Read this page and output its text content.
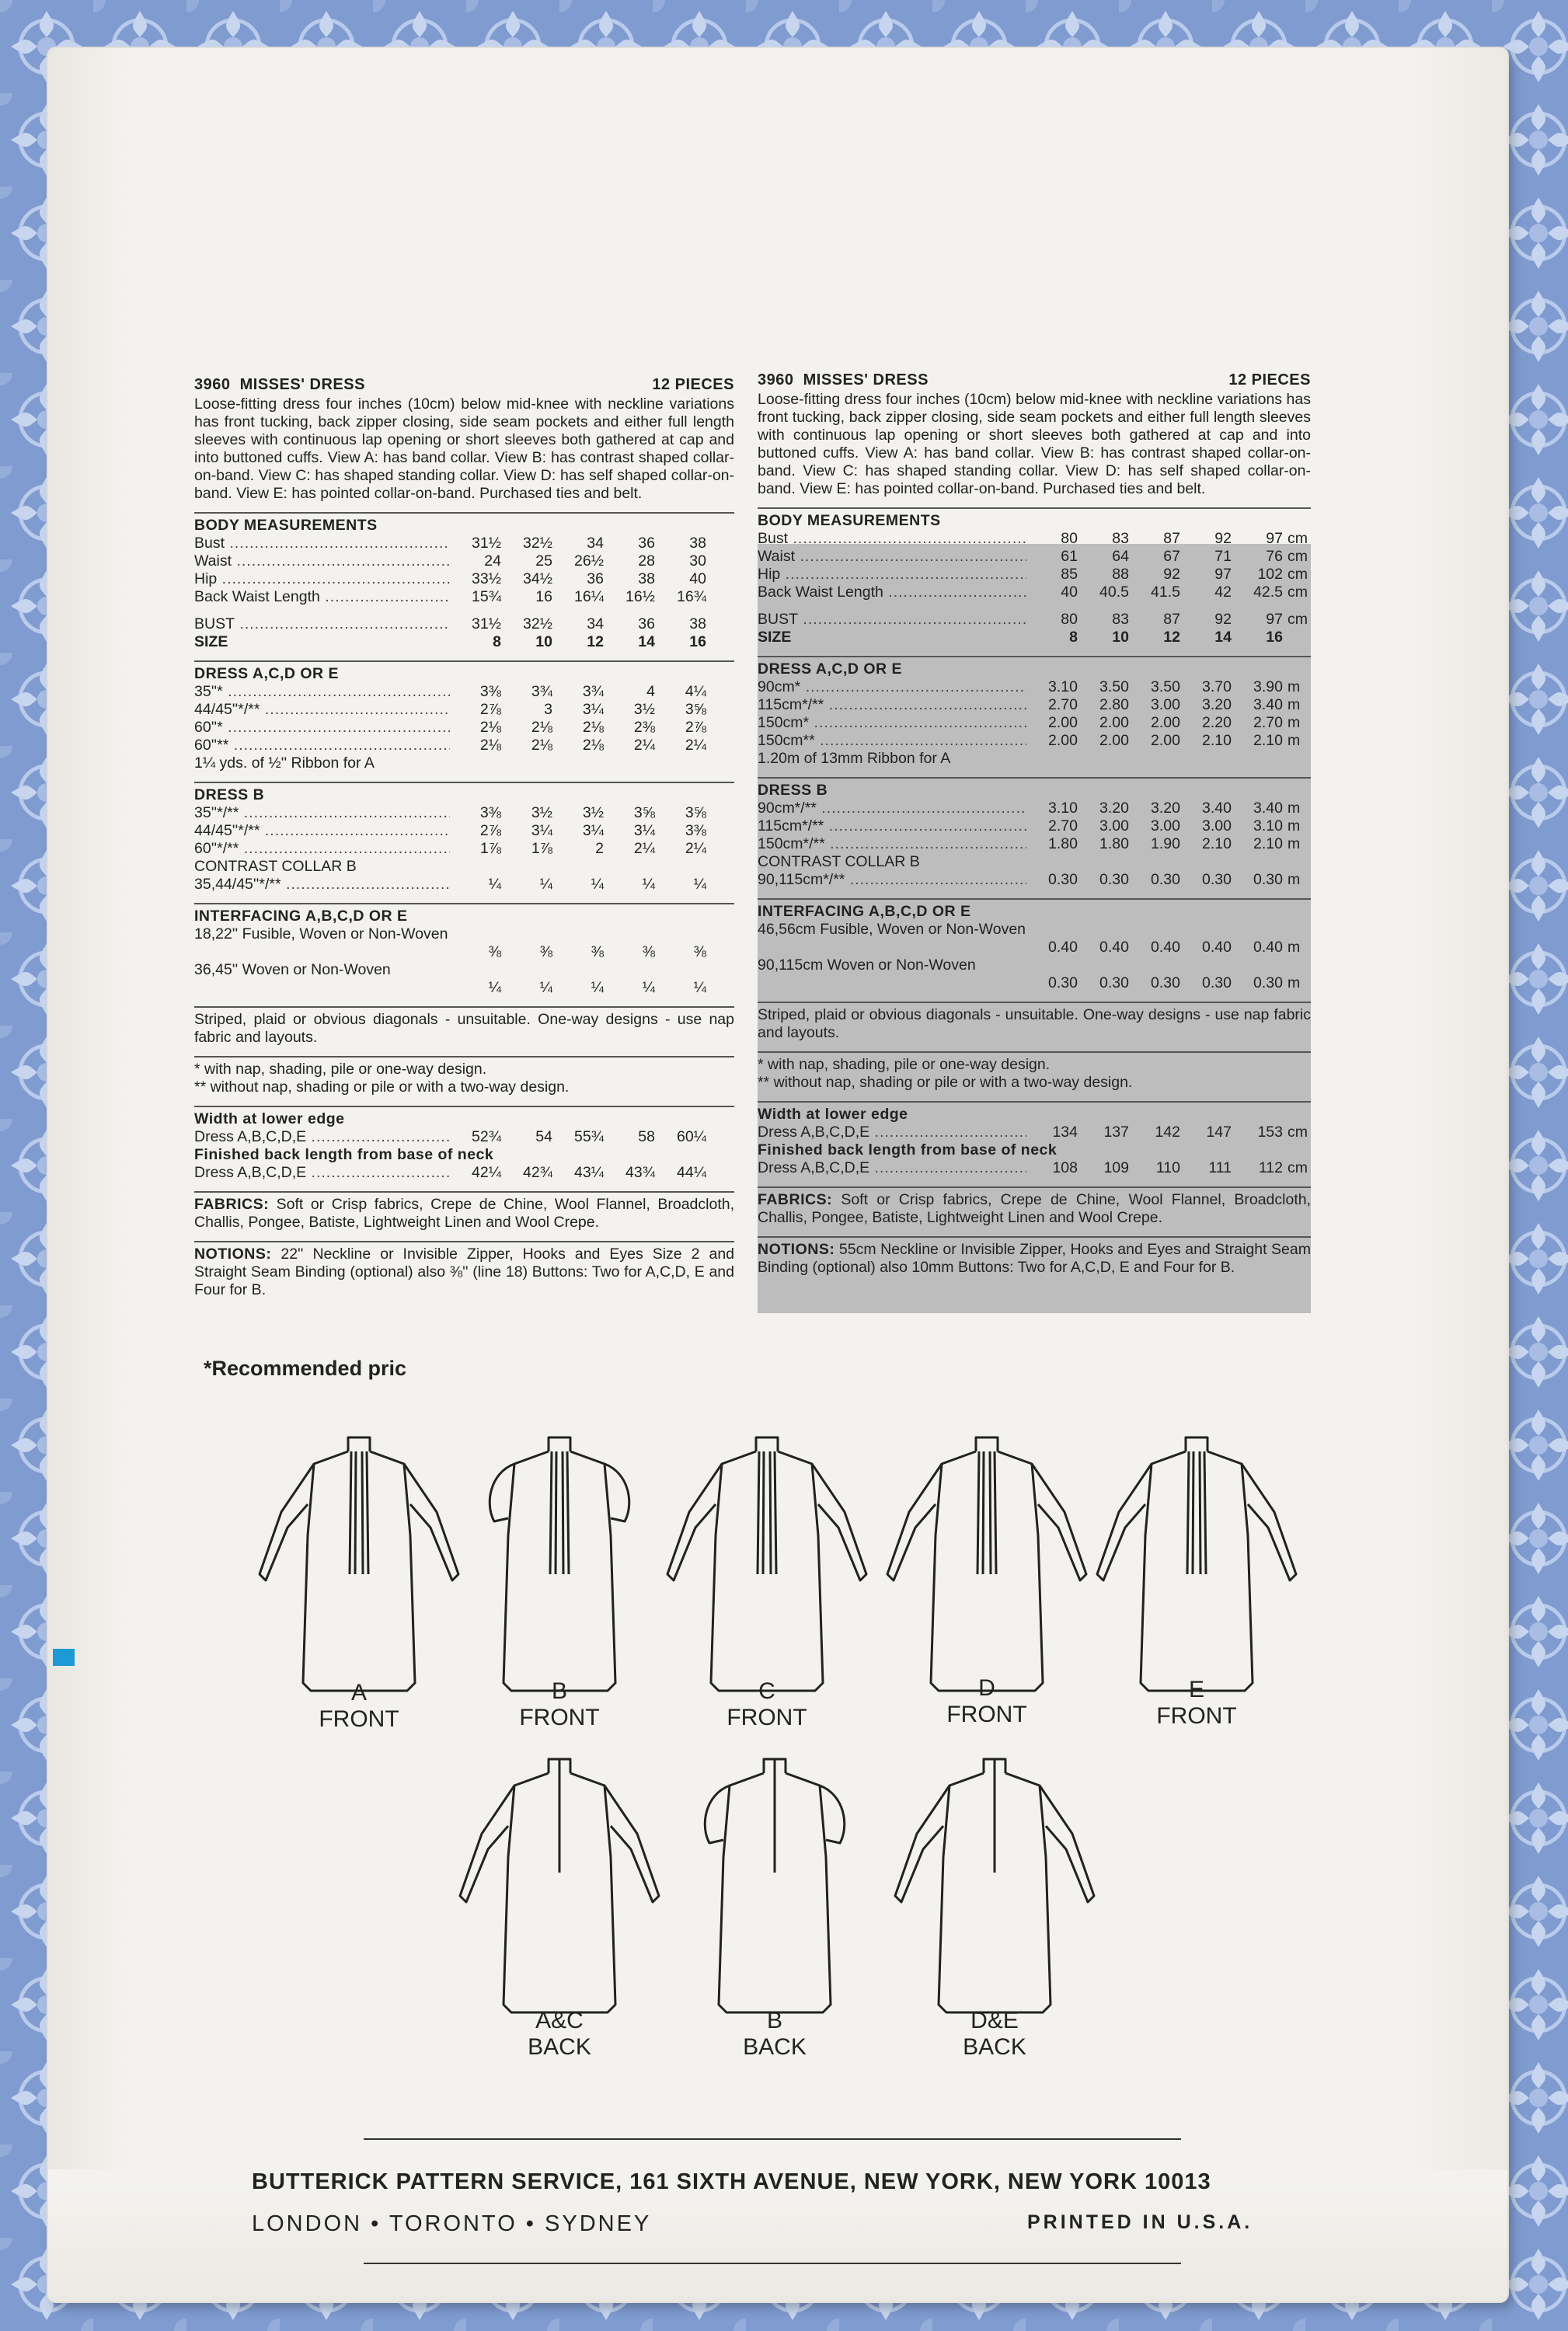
3960 MISSES' DRESS	12 PIECES
Loose-fitting dress four inches (10cm) below mid-knee with neckline variations has front tucking, back zipper closing, side seam pockets and either full length sleeves with continuous lap opening or short sleeves both gathered at cap and into buttoned cuffs. View A: has band collar. View B: has contrast shaped collar-on-band. View C: has shaped standing collar. View D: has self shaped collar-on-band. View E: has pointed collar-on-band. Purchased ties and belt.
BODY MEASUREMENTS
Bust .....	31½	32½	34	36	38
Waist .....	24	25	26½	28	30
Hip .....	33½	34½	36	38	40
Back Waist Length .....	15¾	16	16¼	16½	16¾
BUST .....	31½	32½	34	36	38
SIZE	8	10	12	14	16
DRESS A,C,D OR E
35''* .....	3⅜	3¾	3¾	4	4¼
44/45''*/** .....	2⅞	3	3¼	3½	3⅝
60''* .....	2⅛	2⅛	2⅛	2⅜	2⅞
60''** .....	2⅛	2⅛	2⅛	2¼	2¼
1¼ yds. of ½'' Ribbon for A
DRESS B
35''*/** .....	3⅜	3½	3½	3⅝	3⅝
44/45''*/** .....	2⅞	3¼	3¼	3¼	3⅜
60''*/** .....	1⅞	1⅞	2	2¼	2¼
CONTRAST COLLAR B
35,44/45''*/** .....	¼	¼	¼	¼	¼
INTERFACING A,B,C,D OR E
18,22'' Fusible, Woven or Non-Woven
⅜	⅜	⅜	⅜	⅜
36,45'' Woven or Non-Woven
¼	¼	¼	¼	¼
Striped, plaid or obvious diagonals - unsuitable. One-way designs - use nap fabric and layouts.
* with nap, shading, pile or one-way design.
** without nap, shading or pile or with a two-way design.
Width at lower edge
Dress A,B,C,D,E .....	52¾	54	55¾	58	60¼
Finished back length from base of neck
Dress A,B,C,D,E .....	42¼	42¾	43¼	43¾	44¼
FABRICS: Soft or Crisp fabrics, Crepe de Chine, Wool Flannel, Broadcloth, Challis, Pongee, Batiste, Lightweight Linen and Wool Crepe.
NOTIONS: 22'' Neckline or Invisible Zipper, Hooks and Eyes Size 2 and Straight Seam Binding (optional) also ⅜'' (line 18) Buttons: Two for A,C,D, E and Four for B.
3960 MISSES' DRESS	12 PIECES
Loose-fitting dress four inches (10cm) below mid-knee with neckline variations has front tucking, back zipper closing, side seam pockets and either full length sleeves with continuous lap opening or short sleeves both gathered at cap and into buttoned cuffs. View A: has band collar. View B: has contrast shaped collar-on-band. View C: has shaped standing collar. View D: has self shaped collar-on-band. View E: has pointed collar-on-band. Purchased ties and belt.
BODY MEASUREMENTS
Bust .....	80	83	87	92	97 cm
Waist .....	61	64	67	71	76 cm
Hip .....	85	88	92	97	102 cm
Back Waist Length .....	40	40.5	41.5	42	42.5 cm
BUST .....	80	83	87	92	97 cm
SIZE	8	10	12	14	16
DRESS A,C,D OR E
90cm* .....	3.10	3.50	3.50	3.70	3.90 m
115cm*/** .....	2.70	2.80	3.00	3.20	3.40 m
150cm* .....	2.00	2.00	2.00	2.20	2.70 m
150cm** .....	2.00	2.00	2.00	2.10	2.10 m
1.20m of 13mm Ribbon for A
DRESS B
90cm*/** .....	3.10	3.20	3.20	3.40	3.40 m
115cm*/** .....	2.70	3.00	3.00	3.00	3.10 m
150cm*/** .....	1.80	1.80	1.90	2.10	2.10 m
CONTRAST COLLAR B
90,115cm*/** .....	0.30	0.30	0.30	0.30	0.30 m
INTERFACING A,B,C,D OR E
46,56cm Fusible, Woven or Non-Woven
0.40	0.40	0.40	0.40	0.40 m
90,115cm Woven or Non-Woven
0.30	0.30	0.30	0.30	0.30 m
Striped, plaid or obvious diagonals - unsuitable. One-way designs - use nap fabric and layouts.
* with nap, shading, pile or one-way design.
** without nap, shading or pile or with a two-way design.
Width at lower edge
Dress A,B,C,D,E .....	134	137	142	147	153 cm
Finished back length from base of neck
Dress A,B,C,D,E .....	108	109	110	111	112 cm
FABRICS: Soft or Crisp fabrics, Crepe de Chine, Wool Flannel, Broadcloth, Challis, Pongee, Batiste, Lightweight Linen and Wool Crepe.
NOTIONS: 55cm Neckline or Invisible Zipper, Hooks and Eyes and Straight Seam Binding (optional) also 10mm Buttons: Two for A,C,D, E and Four for B.
*Recommended pric
A
FRONT
B
FRONT
C
FRONT
D
FRONT
E
FRONT
A&C
BACK
B
BACK
D&E
BACK
BUTTERICK PATTERN SERVICE, 161 SIXTH AVENUE, NEW YORK, NEW YORK 10013
LONDON • TORONTO • SYDNEY	PRINTED IN U.S.A.
